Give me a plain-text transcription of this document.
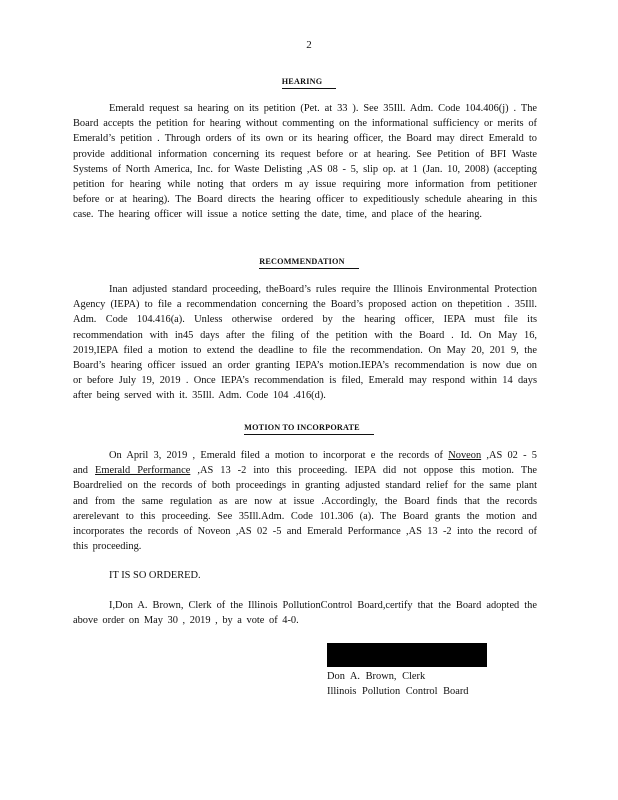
2
HEARING
Emerald request sa hearing on its petition (Pet. at 33 ). See 35Ill. Adm. Code 104.406(j) . The Board accepts the petition for hearing without commenting on the informational sufficiency or merits of Emerald’s petition . Through orders of its own or its hearing officer, the Board may direct Emerald to provide additional information concerning its request before or at hearing. See Petition of BFI Waste Systems of North America, Inc. for Waste Delisting ,AS 08 - 5, slip op. at 1 (Jan. 10, 2008) (accepting petition for hearing while noting that orders m ay issue requiring more information from petitioner before or at hearing). The Board directs the hearing officer to expeditiously schedule ahearing in this case. The hearing officer will issue a notice setting the date, time, and place of the hearing.
RECOMMENDATION
Inan adjusted standard proceeding, theBoard’s rules require the Illinois Environmental Protection Agency (IEPA) to file a recommendation concerning the Board’s proposed action on thepetition . 35Ill. Adm. Code 104.416(a). Unless otherwise ordered by the hearing officer, IEPA must file its recommendation with in45 days after the filing of the petition with the Board . Id. On May 16, 2019,IEPA filed a motion to extend the deadline to file the recommendation. On May 20, 201 9, the Board’s hearing officer issued an order granting IEPA’s motion.IEPA’s recommendation is now due on or before July 19, 2019 . Once IEPA’s recommendation is filed, Emerald may respond within 14 days after being served with it. 35Ill. Adm. Code 104 .416(d).
MOTION TO INCORPORATE
On April 3, 2019 , Emerald filed a motion to incorporat e the records of Noveon ,AS 02 - 5 and Emerald Performance ,AS 13 -2 into this proceeding. IEPA did not oppose this motion. The Boardrelied on the records of both proceedings in granting adjusted standard relief for the same plant and from the same regulation as are now at issue .Accordingly, the Board finds that the records arerelevant to this proceeding. See 35Ill.Adm. Code 101.306 (a). The Board grants the motion and incorporates the records of Noveon ,AS 02 -5 and Emerald Performance ,AS 13 -2 into the record of this proceeding.
IT IS SO ORDERED.
I,Don A. Brown, Clerk of the Illinois PollutionControl Board,certify that the Board adopted the above order on May 30 , 2019 , by a vote of 4-0.
Don A. Brown, Clerk
Illinois Pollution Control Board
